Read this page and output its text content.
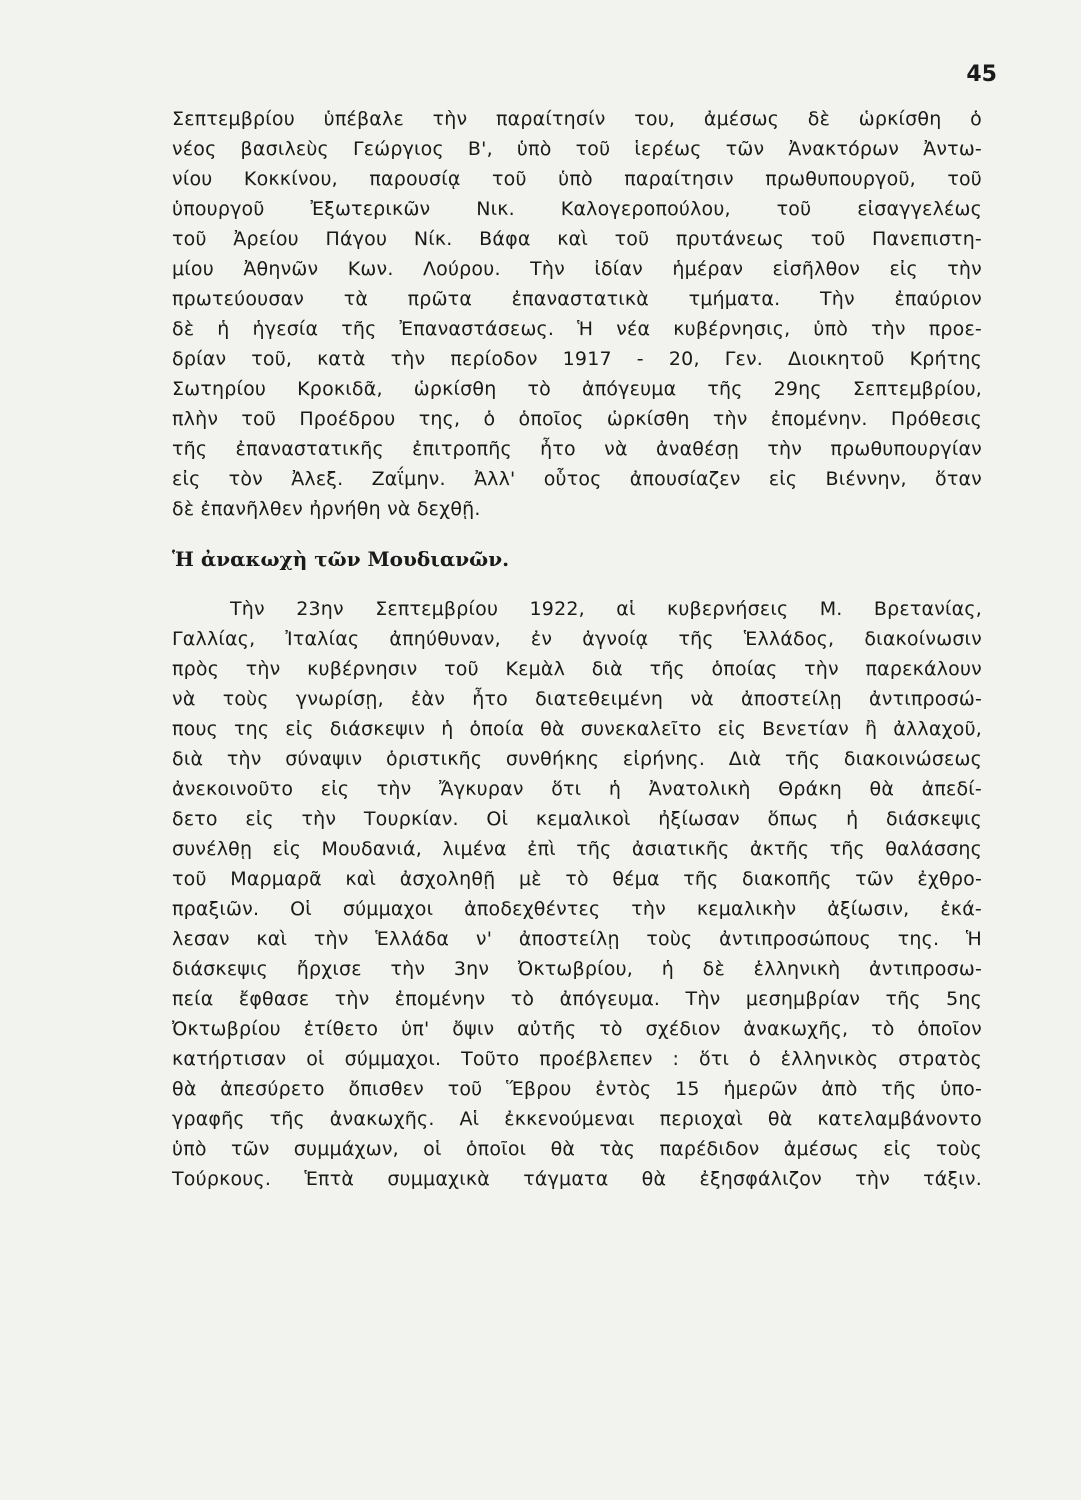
45
Σεπτεμβρίου ὑπέβαλε τὴν παραίτησίν του, ἀμέσως δὲ ὡρκίσθη ὁ
νέος βασιλεὺς Γεώργιος Β', ὑπὸ τοῦ ἱερέως τῶν Ἀνακτόρων Ἀντω-
νίου Κοκκίνου, παρουσίᾳ τοῦ ὑπὸ παραίτησιν πρωθυπουργοῦ, τοῦ
ὑπουργοῦ Ἐξωτερικῶν Νικ. Καλογεροπούλου, τοῦ εἰσαγγελέως
τοῦ Ἀρείου Πάγου Νίκ. Βάφα καὶ τοῦ πρυτάνεως τοῦ Πανεπιστη-
μίου Ἀθηνῶν Κων. Λούρου. Τὴν ἰδίαν ἡμέραν εἰσῆλθον εἰς τὴν
πρωτεύουσαν τὰ πρῶτα ἐπαναστατικὰ τμήματα. Τὴν ἐπαύριον
δὲ ἡ ἡγεσία τῆς Ἐπαναστάσεως. Ἡ νέα κυβέρνησις, ὑπὸ τὴν προε-
δρίαν τοῦ, κατὰ τὴν περίοδον 1917 - 20, Γεν. Διοικητοῦ Κρήτης
Σωτηρίου Κροκιδᾶ, ὡρκίσθη τὸ ἀπόγευμα τῆς 29ης Σεπτεμβρίου,
πλὴν τοῦ Προέδρου της, ὁ ὁποῖος ὡρκίσθη τὴν ἐπομένην. Πρόθεσις
τῆς ἐπαναστατικῆς ἐπιτροπῆς ἦτο νὰ ἀναθέσῃ τὴν πρωθυπουργίαν
εἰς τὸν Ἀλεξ. Ζαΐμην. Ἀλλ' οὗτος ἀπουσίαζεν εἰς Βιέννην, ὅταν
δὲ ἐπανῆλθεν ἠρνήθη νὰ δεχθῇ.
Ἡ ἀνακωχὴ τῶν Μουδιανῶν.
Τὴν 23ην Σεπτεμβρίου 1922, αἱ κυβερνήσεις Μ. Βρετανίας,
Γαλλίας, Ἰταλίας ἀπηύθυναν, ἐν ἀγνοίᾳ τῆς Ἑλλάδος, διακοίνωσιν
πρὸς τὴν κυβέρνησιν τοῦ Κεμὰλ διὰ τῆς ὁποίας τὴν παρεκάλουν
νὰ τοὺς γνωρίσῃ, ἐὰν ἦτο διατεθειμένη νὰ ἀποστείλῃ ἀντιπροσώ-
πους της εἰς διάσκεψιν ἡ ὁποία θὰ συνεκαλεῖτο εἰς Βενετίαν ἢ ἀλλαχοῦ,
διὰ τὴν σύναψιν ὁριστικῆς συνθήκης εἰρήνης. Διὰ τῆς διακοινώσεως
ἀνεκοινοῦτο εἰς τὴν Ἄγκυραν ὅτι ἡ Ἀνατολικὴ Θράκη θὰ ἀπεδί-
δετο εἰς τὴν Τουρκίαν. Οἱ κεμαλικοὶ ἠξίωσαν ὅπως ἡ διάσκεψις
συνέλθῃ εἰς Μουδανιά, λιμένα ἐπὶ τῆς ἀσιατικῆς ἀκτῆς τῆς θαλάσσης
τοῦ Μαρμαρᾶ καὶ ἀσχοληθῇ μὲ τὸ θέμα τῆς διακοπῆς τῶν ἐχθρο-
πραξιῶν. Οἱ σύμμαχοι ἀποδεχθέντες τὴν κεμαλικὴν ἀξίωσιν, ἐκά-
λεσαν καὶ τὴν Ἑλλάδα ν' ἀποστείλῃ τοὺς ἀντιπροσώπους της. Ἡ
διάσκεψις ἤρχισε τὴν 3ην Ὀκτωβρίου, ἡ δὲ ἑλληνικὴ ἀντιπροσω-
πεία ἔφθασε τὴν ἐπομένην τὸ ἀπόγευμα. Τὴν μεσημβρίαν τῆς 5ης
Ὀκτωβρίου ἐτίθετο ὑπ' ὄψιν αὐτῆς τὸ σχέδιον ἀνακωχῆς, τὸ ὁποῖον
κατήρτισαν οἱ σύμμαχοι. Τοῦτο προέβλεπεν : ὅτι ὁ ἑλληνικὸς στρατὸς
θὰ ἀπεσύρετο ὄπισθεν τοῦ Ἕβρου ἐντὸς 15 ἡμερῶν ἀπὸ τῆς ὑπο-
γραφῆς τῆς ἀνακωχῆς. Αἱ ἐκκενούμεναι περιοχαὶ θὰ κατελαμβάνοντο
ὑπὸ τῶν συμμάχων, οἱ ὁποῖοι θὰ τὰς παρέδιδον ἀμέσως εἰς τοὺς
Τούρκους. Ἑπτὰ συμμαχικὰ τάγματα θὰ ἐξησφάλιζον τὴν τάξιν.
